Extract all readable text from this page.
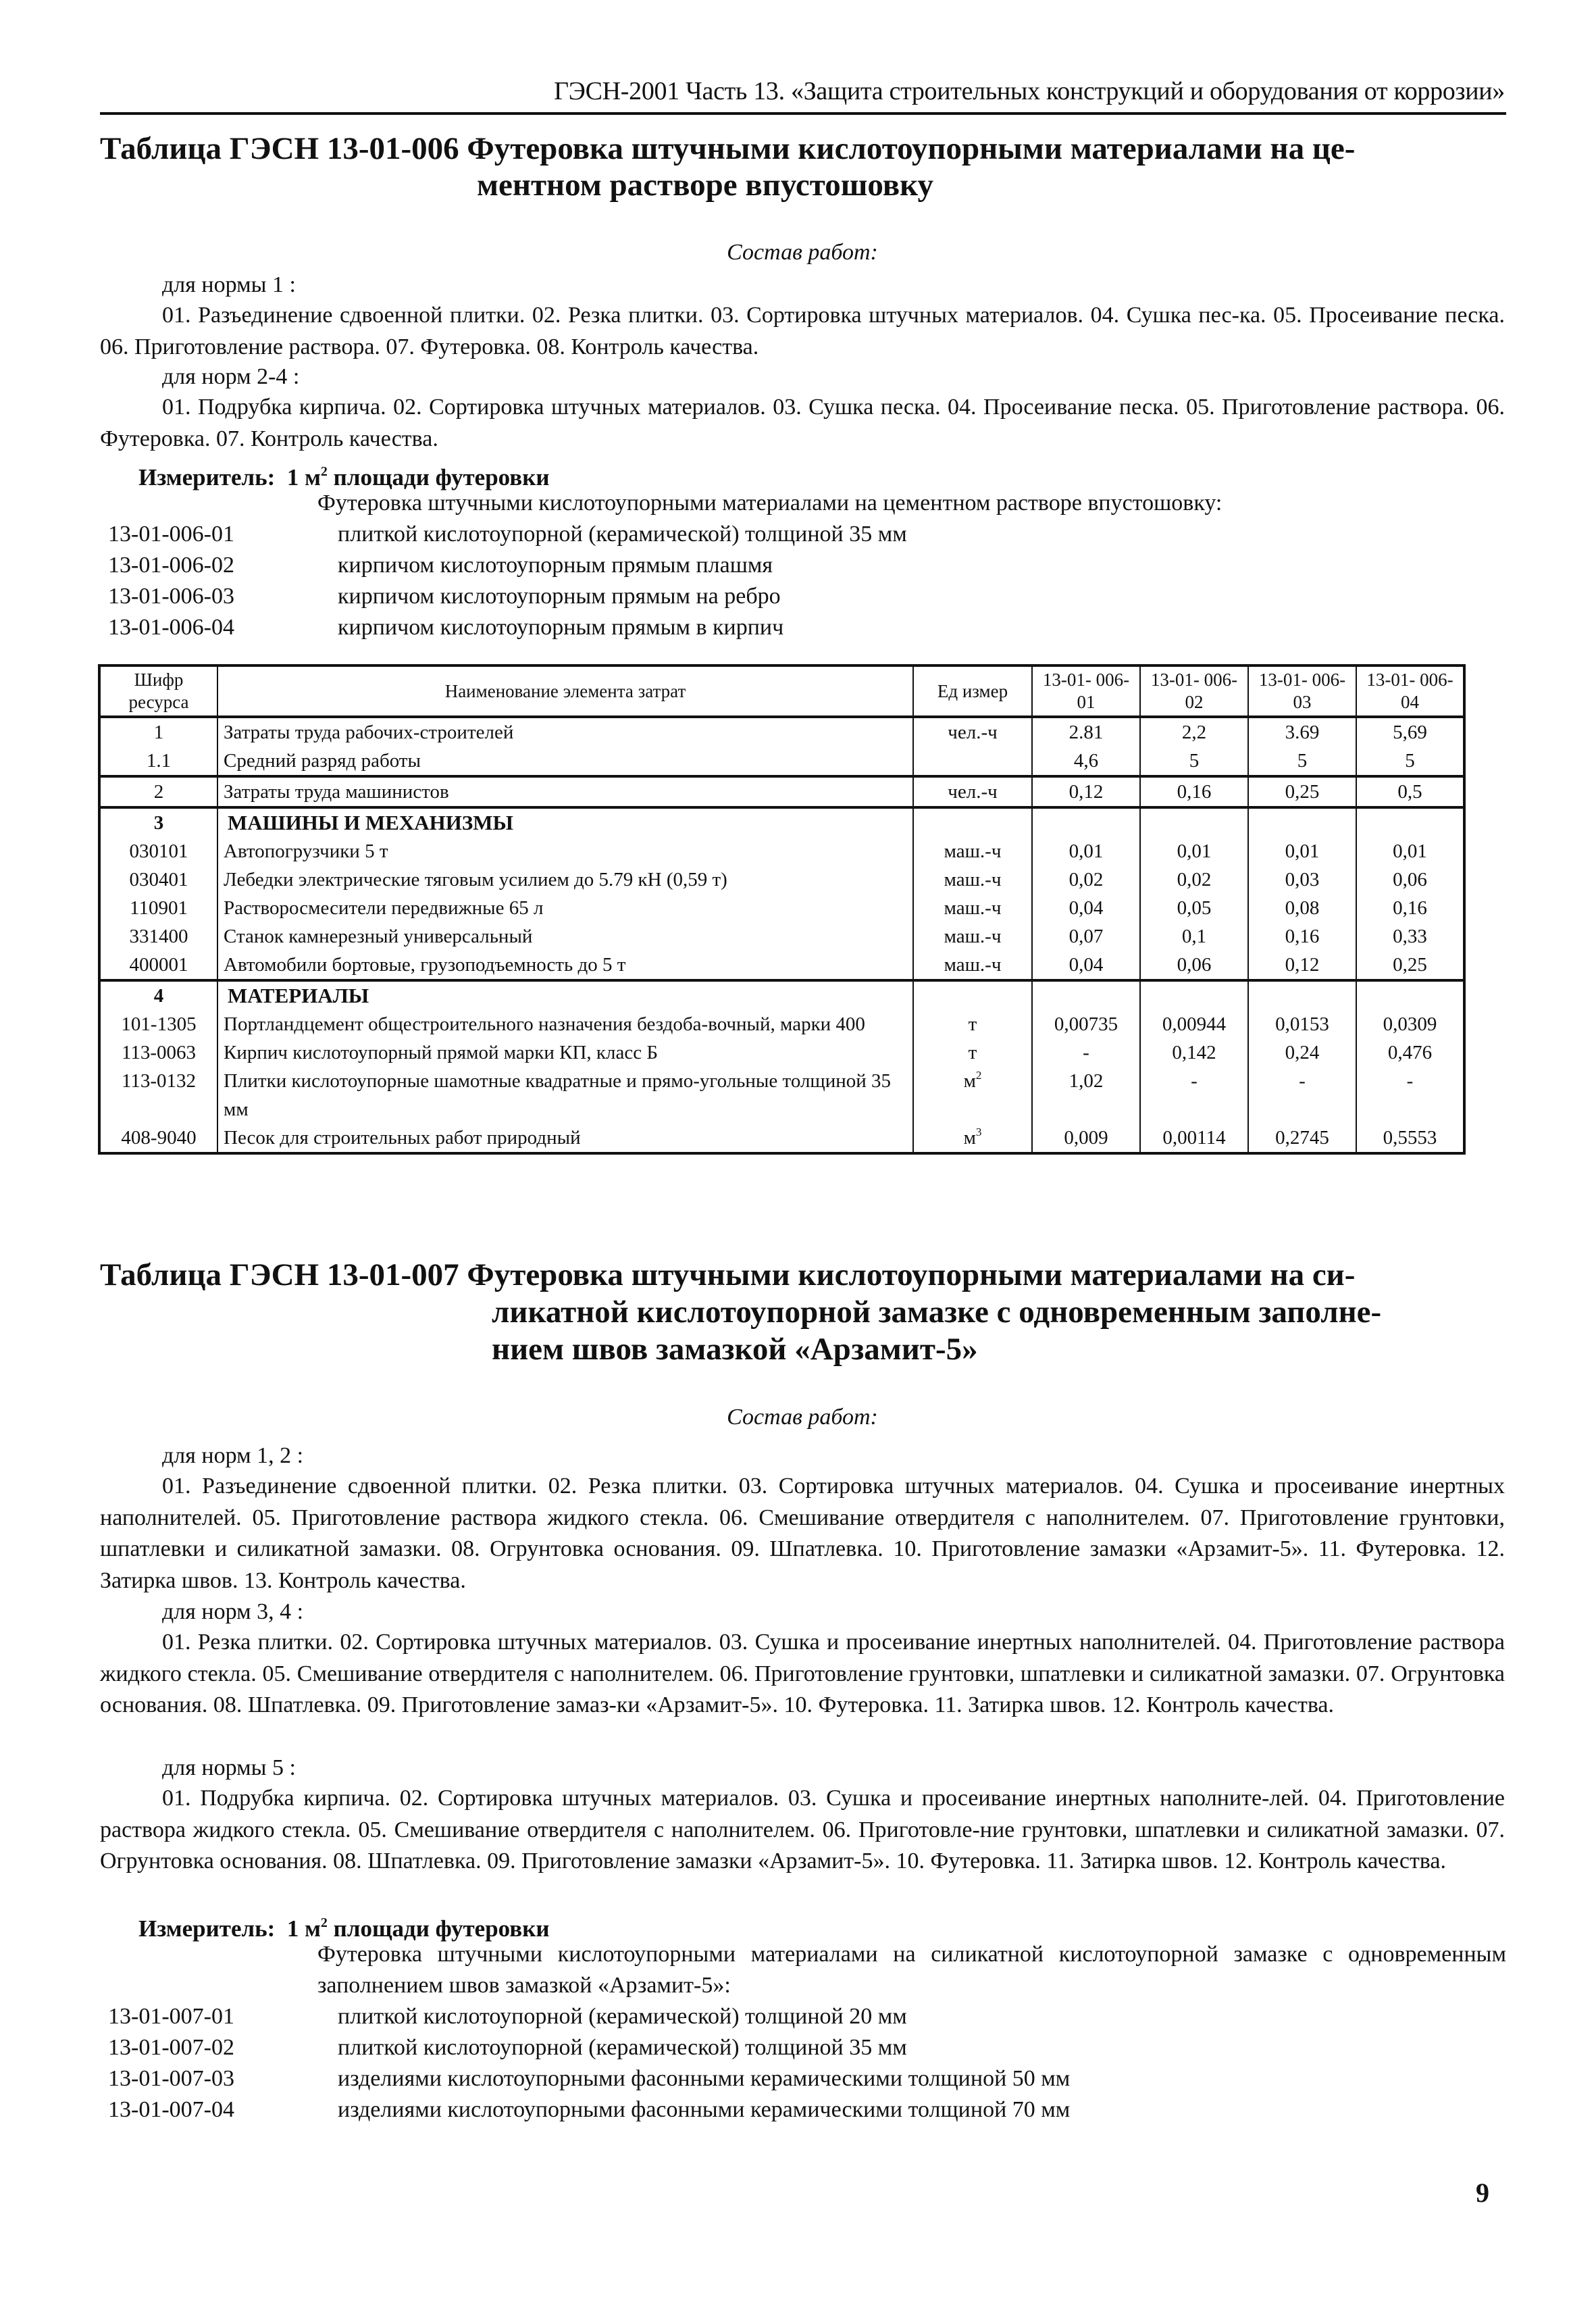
ГЭСН-2001 Часть 13. «Защита строительных конструкций и оборудования от коррозии»
Таблица ГЭСН 13-01-006 Футеровка штучными кислотоупорными материалами на це-
ментном растворе впустошовку
Состав работ:
для нормы 1 :
01. Разъединение сдвоенной плитки. 02. Резка плитки. 03. Сортировка штучных материалов. 04. Сушка пес-ка. 05. Просеивание песка. 06. Приготовление раствора. 07. Футеровка. 08. Контроль качества.
для норм 2-4 :
01. Подрубка кирпича. 02. Сортировка штучных материалов. 03. Сушка песка. 04. Просеивание песка. 05. Приготовление раствора. 06. Футеровка. 07. Контроль качества.
Измеритель: 1 $м^2$ площади футеровки
Футеровка штучными кислотоупорными материалами на цементном растворе впустошовку:
13-01-006-01	плиткой кислотоупорной (керамической) толщиной 35 мм
13-01-006-02	кирпичом кислотоупорным прямым плашмя
13-01-006-03	кирпичом кислотоупорным прямым на ребро
13-01-006-04	кирпичом кислотоупорным прямым в кирпич
Шифр ресурса	Наименование элемента затрат	Ед измер	13-01- 006-01	13-01- 006-02	13-01- 006-03	13-01- 006-04
1	Затраты труда рабочих-строителей	чел.-ч	2.81	2,2	3.69	5,69
1.1	Средний разряд работы		4,6	5	5	5
2	Затраты труда машинистов	чел.-ч	0,12	0,16	0,25	0,5
3	МАШИНЫ И МЕХАНИЗМЫ					
030101	Автопогрузчики 5 т	маш.-ч	0,01	0,01	0,01	0,01
030401	Лебедки электрические тяговым усилием до 5.79 кН (0,59 т)	маш.-ч	0,02	0,02	0,03	0,06
110901	Растворосмесители передвижные 65 л	маш.-ч	0,04	0,05	0,08	0,16
331400	Станок камнерезный универсальный	маш.-ч	0,07	0,1	0,16	0,33
400001	Автомобили бортовые, грузоподъемность до 5 т	маш.-ч	0,04	0,06	0,12	0,25
4	МАТЕРИАЛЫ					
101-1305	Портландцемент общестроительного назначения бездоба-вочный, марки 400	т	0,00735	0,00944	0,0153	0,0309
113-0063	Кирпич кислотоупорный прямой марки КП, класс Б	т	-	0,142	0,24	0,476
113-0132	Плитки кислотоупорные шамотные квадратные и прямо-угольные толщиной 35 мм	$м^2$	1,02	-	-	-
408-9040	Песок для строительных работ природный	$м^3$	0,009	0,00114	0,2745	0,5553
Таблица ГЭСН 13-01-007 Футеровка штучными кислотоупорными материалами на си-
ликатной кислотоупорной замазке с одновременным заполне-
нием швов замазкой «Арзамит-5»
Состав работ:
для норм 1, 2 :
01. Разъединение сдвоенной плитки. 02. Резка плитки. 03. Сортировка штучных материалов. 04. Сушка и просеивание инертных наполнителей. 05. Приготовление раствора жидкого стекла. 06. Смешивание отвердителя с наполнителем. 07. Приготовление грунтовки, шпатлевки и силикатной замазки. 08. Огрунтовка основания. 09. Шпатлевка. 10. Приготовление замазки «Арзамит-5». 11. Футеровка. 12. Затирка швов. 13. Контроль качества.
для норм 3, 4 :
01. Резка плитки. 02. Сортировка штучных материалов. 03. Сушка и просеивание инертных наполнителей. 04. Приготовление раствора жидкого стекла. 05. Смешивание отвердителя с наполнителем. 06. Приготовление грунтовки, шпатлевки и силикатной замазки. 07. Огрунтовка основания. 08. Шпатлевка. 09. Приготовление замаз-ки «Арзамит-5». 10. Футеровка. 11. Затирка швов. 12. Контроль качества.
для нормы 5 :
01. Подрубка кирпича. 02. Сортировка штучных материалов. 03. Сушка и просеивание инертных наполните-лей. 04. Приготовление раствора жидкого стекла. 05. Смешивание отвердителя с наполнителем. 06. Приготовле-ние грунтовки, шпатлевки и силикатной замазки. 07. Огрунтовка основания. 08. Шпатлевка. 09. Приготовление замазки «Арзамит-5». 10. Футеровка. 11. Затирка швов. 12. Контроль качества.
Измеритель: 1 $м^2$ площади футеровки
Футеровка штучными кислотоупорными материалами на силикатной кислотоупорной замазке с одновременным заполнением швов замазкой «Арзамит-5»:
13-01-007-01	плиткой кислотоупорной (керамической) толщиной 20 мм
13-01-007-02	плиткой кислотоупорной (керамической) толщиной 35 мм
13-01-007-03	изделиями кислотоупорными фасонными керамическими толщиной 50 мм
13-01-007-04	изделиями кислотоупорными фасонными керамическими толщиной 70 мм
9
